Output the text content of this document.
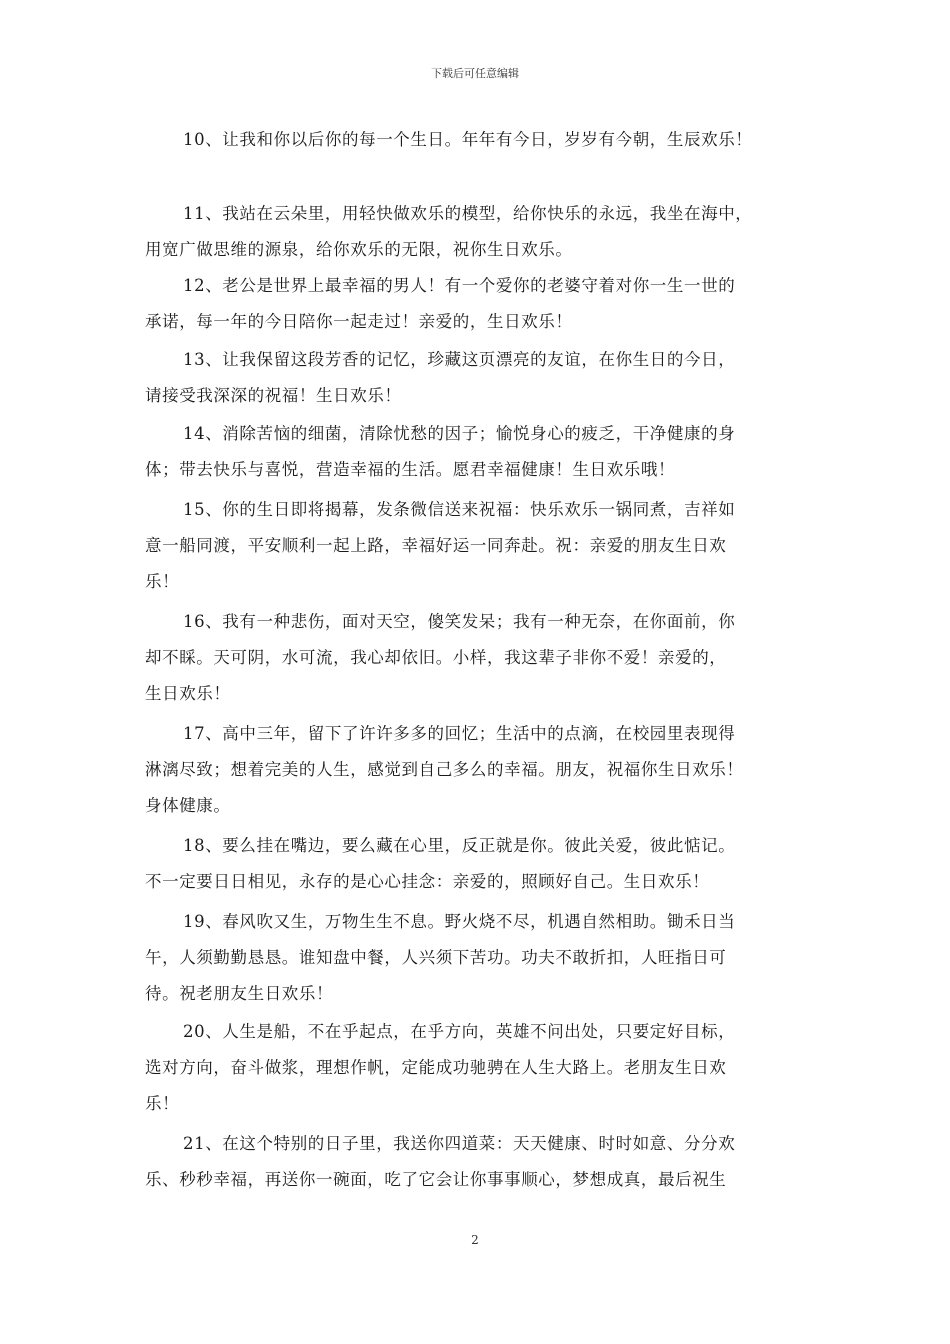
下载后可任意编辑

10、让我和你以后你的每一个生日。年年有今日，岁岁有今朝，生辰欢乐！

11、我站在云朵里，用轻快做欢乐的模型，给你快乐的永远，我坐在海中，
用宽广做思维的源泉，给你欢乐的无限，祝你生日欢乐。

12、老公是世界上最幸福的男人！有一个爱你的老婆守着对你一生一世的
承诺，每一年的今日陪你一起走过！亲爱的，生日欢乐！

13、让我保留这段芳香的记忆，珍藏这页漂亮的友谊，在你生日的今日，
请接受我深深的祝福！生日欢乐！

14、消除苦恼的细菌，清除忧愁的因子；愉悦身心的疲乏，干净健康的身
体；带去快乐与喜悦，营造幸福的生活。愿君幸福健康！生日欢乐哦！

15、你的生日即将揭幕，发条微信送来祝福：快乐欢乐一锅同煮，吉祥如
意一船同渡，平安顺利一起上路，幸福好运一同奔赴。祝：亲爱的朋友生日欢
乐！

16、我有一种悲伤，面对天空，傻笑发呆；我有一种无奈，在你面前，你
却不睬。天可阴，水可流，我心却依旧。小样，我这辈子非你不爱！亲爱的，
生日欢乐！

17、高中三年，留下了许许多多的回忆；生活中的点滴，在校园里表现得
淋漓尽致；想着完美的人生，感觉到自己多么的幸福。朋友，祝福你生日欢乐！
身体健康。

18、要么挂在嘴边，要么藏在心里，反正就是你。彼此关爱，彼此惦记。
不一定要日日相见，永存的是心心挂念：亲爱的，照顾好自己。生日欢乐！

19、春风吹又生，万物生生不息。野火烧不尽，机遇自然相助。锄禾日当
午，人须勤勤恳恳。谁知盘中餐，人兴须下苦功。功夫不敢折扣，人旺指日可
待。祝老朋友生日欢乐！

20、人生是船，不在乎起点，在乎方向，英雄不问出处，只要定好目标，
选对方向，奋斗做浆，理想作帆，定能成功驰骋在人生大路上。老朋友生日欢
乐！

21、在这个特别的日子里，我送你四道菜：天天健康、时时如意、分分欢
乐、秒秒幸福，再送你一碗面，吃了它会让你事事顺心，梦想成真，最后祝生

2
